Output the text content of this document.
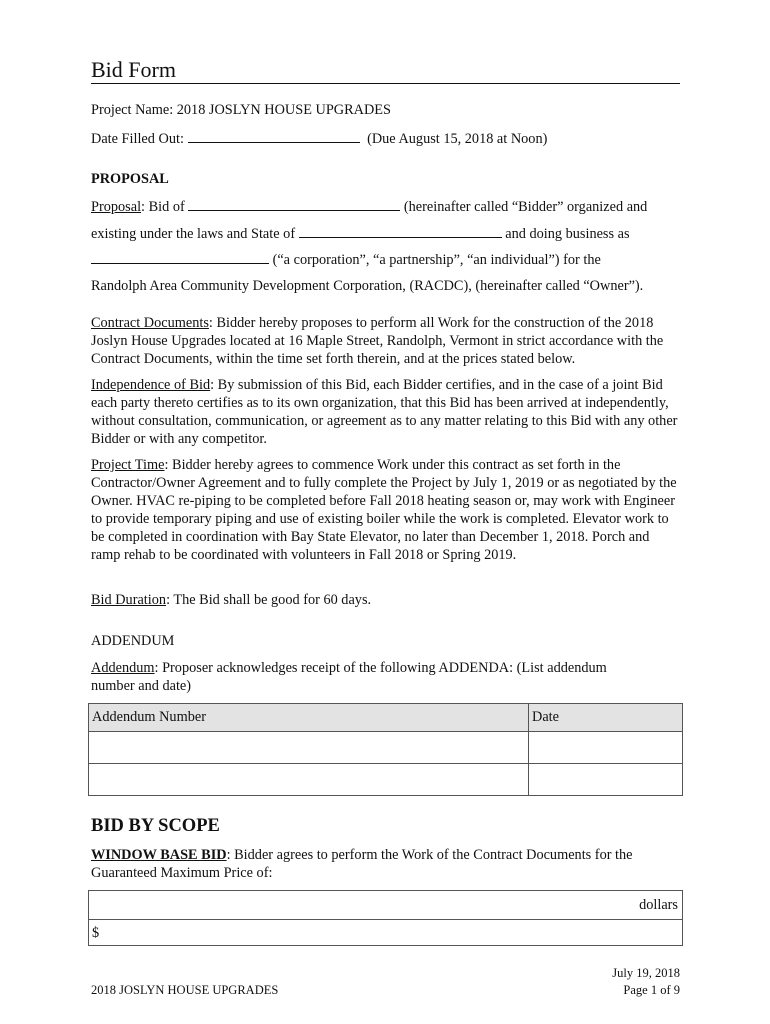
Bid Form
Project Name: 2018 JOSLYN HOUSE UPGRADES
Date Filled Out:	(Due August 15, 2018 at Noon)
PROPOSAL
Proposal: Bid of	(hereinafter called “Bidder” organized and
existing under the laws and State of	and doing business as
(“a corporation”, “a partnership”, “an individual”) for the
Randolph Area Community Development Corporation, (RACDC), (hereinafter called “Owner”).
Contract Documents: Bidder hereby proposes to perform all Work for the construction of the 2018 Joslyn House Upgrades located at 16 Maple Street, Randolph, Vermont in strict accordance with the Contract Documents, within the time set forth therein, and at the prices stated below.
Independence of Bid: By submission of this Bid, each Bidder certifies, and in the case of a joint Bid each party thereto certifies as to its own organization, that this Bid has been arrived at independently, without consultation, communication, or agreement as to any matter relating to this Bid with any other Bidder or with any competitor.
Project Time: Bidder hereby agrees to commence Work under this contract as set forth in the Contractor/Owner Agreement and to fully complete the Project by July 1, 2019 or as negotiated by the Owner. HVAC re-piping to be completed before Fall 2018 heating season or, may work with Engineer to provide temporary piping and use of existing boiler while the work is completed. Elevator work to be completed in coordination with Bay State Elevator, no later than December 1, 2018. Porch and ramp rehab to be coordinated with volunteers in Fall 2018 or Spring 2019.
Bid Duration: The Bid shall be good for 60 days.
ADDENDUM
Addendum: Proposer acknowledges receipt of the following ADDENDA: (List addendum number and date)
Addendum Number	Date

BID BY SCOPE
WINDOW BASE BID: Bidder agrees to perform the Work of the Contract Documents for the Guaranteed Maximum Price of:
dollars
$
2018 JOSLYN HOUSE UPGRADES
July 19, 2018
Page 1 of 9
